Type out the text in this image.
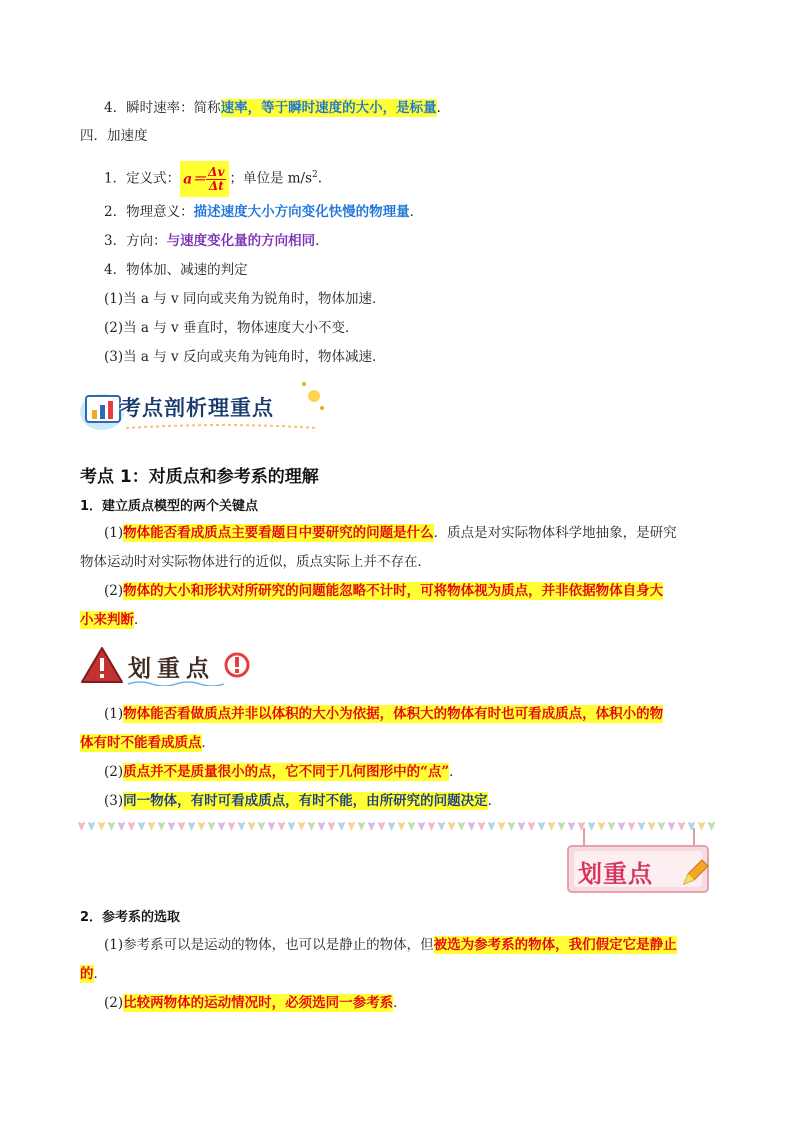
4．瞬时速率：简称速率，等于瞬时速度的大小，是标量．
四．加速度
1．定义式： $a= \frac{\Delta v}{\Delta t}$ ；单位是 $m/s^2$.
2．物理意义：描述速度大小方向变化快慢的物理量．
3．方向：与速度变化量的方向相同．
4．物体加、减速的判定
(1)当 a 与 v 同向或夹角为锐角时，物体加速．
(2)当 a 与 v 垂直时，物体速度大小不变．
(3)当 a 与 v 反向或夹角为钝角时，物体减速．
考点剖析理重点
考点 1：对质点和参考系的理解
1．建立质点模型的两个关键点
(1)物体能否看成质点主要看题目中要研究的问题是什么．质点是对实际物体科学地抽象，是研究
物体运动时对实际物体进行的近似，质点实际上并不存在．
(2)物体的大小和形状对所研究的问题能忽略不计时，可将物体视为质点，并非依据物体自身大
小来判断．
划重点
(1)物体能否看做质点并非以体积的大小为依据，体积大的物体有时也可看成质点，体积小的物
体有时不能看成质点．
(2)质点并不是质量很小的点，它不同于几何图形中的“点”．
(3)同一物体，有时可看成质点，有时不能，由所研究的问题决定．
划重点
2．参考系的选取
(1)参考系可以是运动的物体，也可以是静止的物体，但被选为参考系的物体，我们假定它是静止
的．
(2)比较两物体的运动情况时，必须选同一参考系．
